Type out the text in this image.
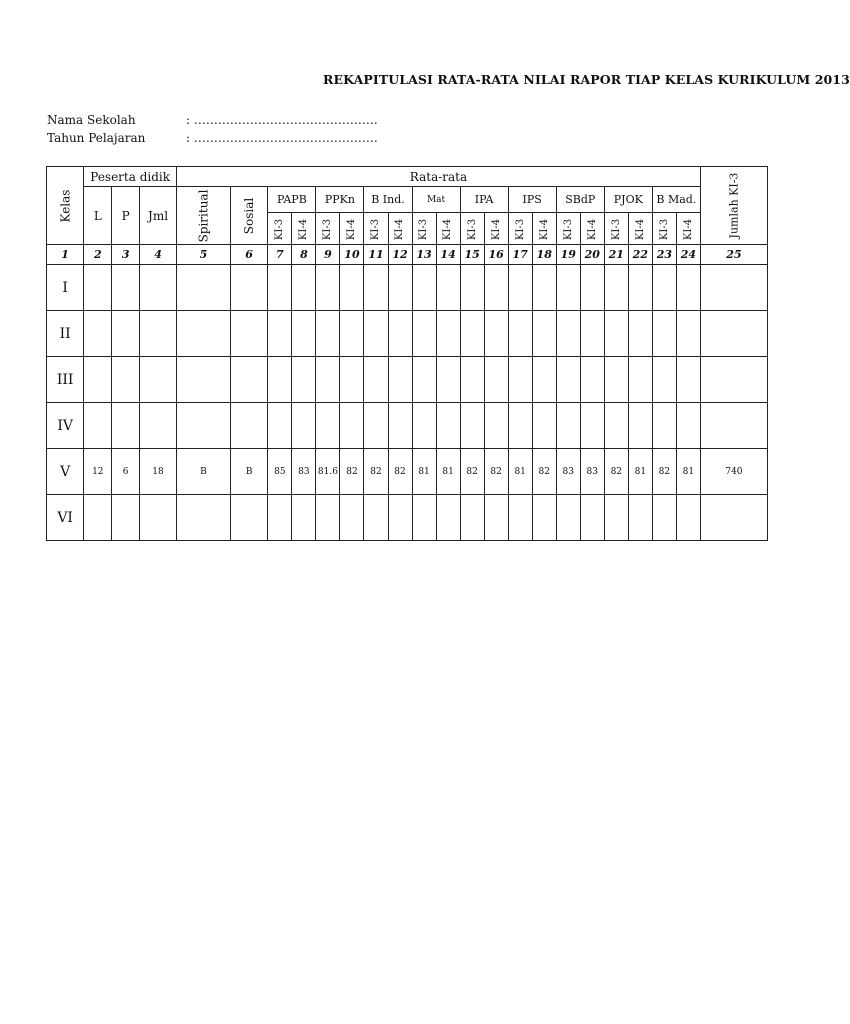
REKAPITULASI RATA-RATA NILAI RAPOR TIAP KELAS KURIKULUM 2013
Nama Sekolah	: ……………………………………….
Tahun Pelajaran	: ……………………………………….
Kelas	Peserta didik			Rata-rata																				Jumlah KI-3
	L	P	Jml	Spiritual	Sosial	PAPB		PPKn		B Ind.		Mat		IPA		IPS		SBdP		PJOK		B Mad.		
						KI-3	KI-4	KI-3	KI-4	KI-3	KI-4	KI-3	KI-4	KI-3	KI-4	KI-3	KI-4	KI-3	KI-4	KI-3	KI-4	KI-3	KI-4	
1	2	3	4	5	6	7	8	9	10	11	12	13	14	15	16	17	18	19	20	21	22	23	24	25
I																								
II																								
III																								
IV																								
V	12	6	18	B	B	85	83	81.6	82	82	82	81	81	82	82	81	82	83	83	82	81	82	81	740
VI																								
